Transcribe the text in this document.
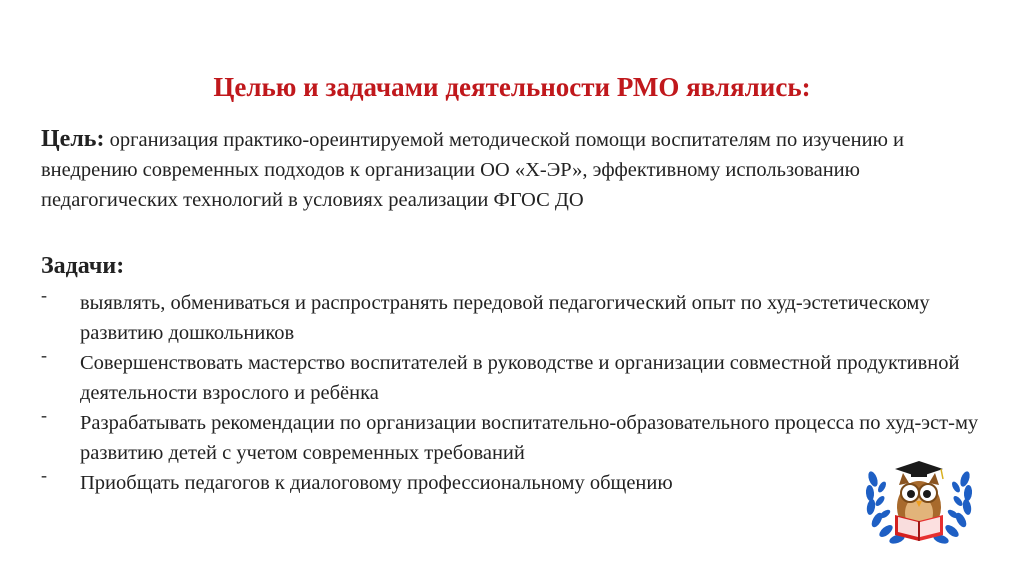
Целью и задачами деятельности РМО являлись:
Цель: организация практико-ореинтируемой методической помощи воспитателям по изучению и внедрению современных подходов к организации ОО «Х-ЭР», эффективному использованию педагогических технологий в условиях реализации ФГОС ДО
Задачи:
- выявлять, обмениваться и распространять передовой педагогический опыт по худ-эстетическому развитию дошкольников
- Совершенствовать мастерство воспитателей в руководстве и организации совместной продуктивной деятельности взрослого и ребёнка
- Разрабатывать рекомендации по организации воспитательно-образовательного процесса по худ-эст-му развитию детей с учетом современных требований
- Приобщать педагогов к диалоговому профессиональному общению
